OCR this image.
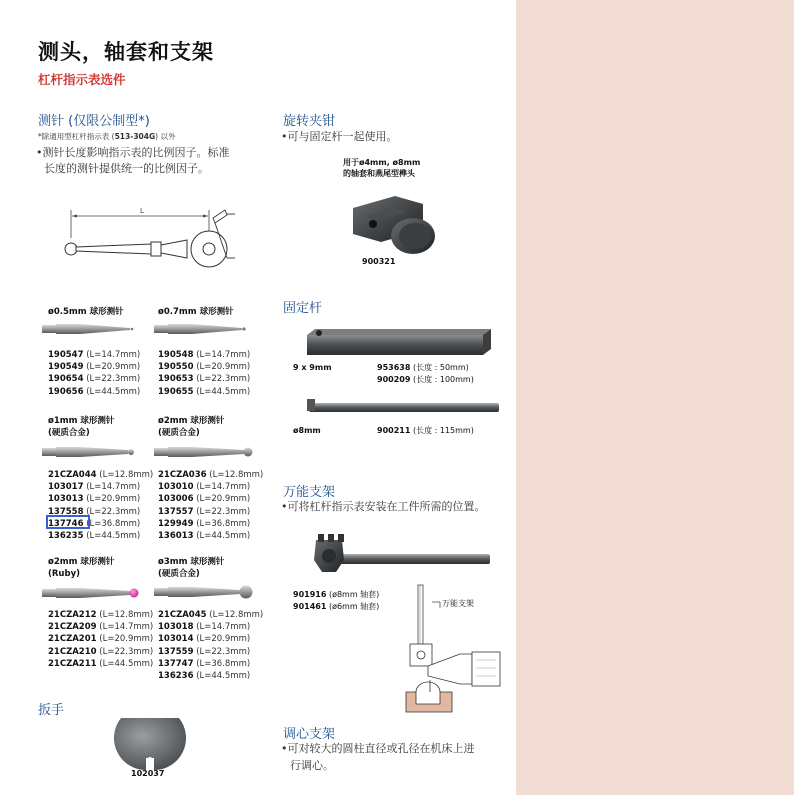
测头，轴套和支架
杠杆指示表选件
测针 (仅限公制型*)
*除通用型杠杆指示表 (513-304G) 以外
•测针长度影响指示表的比例因子。标准
长度的测针提供统一的比例因子。
L
ø0.5mm 球形测针
190547 (L=14.7mm)
190549 (L=20.9mm)
190654 (L=22.3mm)
190656 (L=44.5mm)
ø0.7mm 球形测针
190548 (L=14.7mm)
190550 (L=20.9mm)
190653 (L=22.3mm)
190655 (L=44.5mm)
ø1mm 球形测针
(硬质合金)
21CZA044 (L=12.8mm)
103017 (L=14.7mm)
103013 (L=20.9mm)
137558 (L=22.3mm)
137746 (L=36.8mm)
136235 (L=44.5mm)
ø2mm 球形测针
(硬质合金)
21CZA036 (L=12.8mm)
103010 (L=14.7mm)
103006 (L=20.9mm)
137557 (L=22.3mm)
129949 (L=36.8mm)
136013 (L=44.5mm)
ø2mm 球形测针
(Ruby)
21CZA212 (L=12.8mm)
21CZA209 (L=14.7mm)
21CZA201 (L=20.9mm)
21CZA210 (L=22.3mm)
21CZA211 (L=44.5mm)
ø3mm 球形测针
(硬质合金)
21CZA045 (L=12.8mm)
103018 (L=14.7mm)
103014 (L=20.9mm)
137559 (L=22.3mm)
137747 (L=36.8mm)
136236 (L=44.5mm)
扳手
102037
旋转夹钳
•可与固定杆一起使用。
用于ø4mm, ø8mm
的轴套和燕尾型榫头
900321
固定杆
9 x 9mm	953638 (长度 : 50mm)
900209 (长度 : 100mm)
ø8mm	900211 (长度 : 115mm)
万能支架
•可将杠杆指示表安装在工件所需的位置。
901916 (ø8mm 轴套)
901461 (ø6mm 轴套)	万能支架
调心支架
•可对较大的圆柱直径或孔径在机床上进
行调心。
